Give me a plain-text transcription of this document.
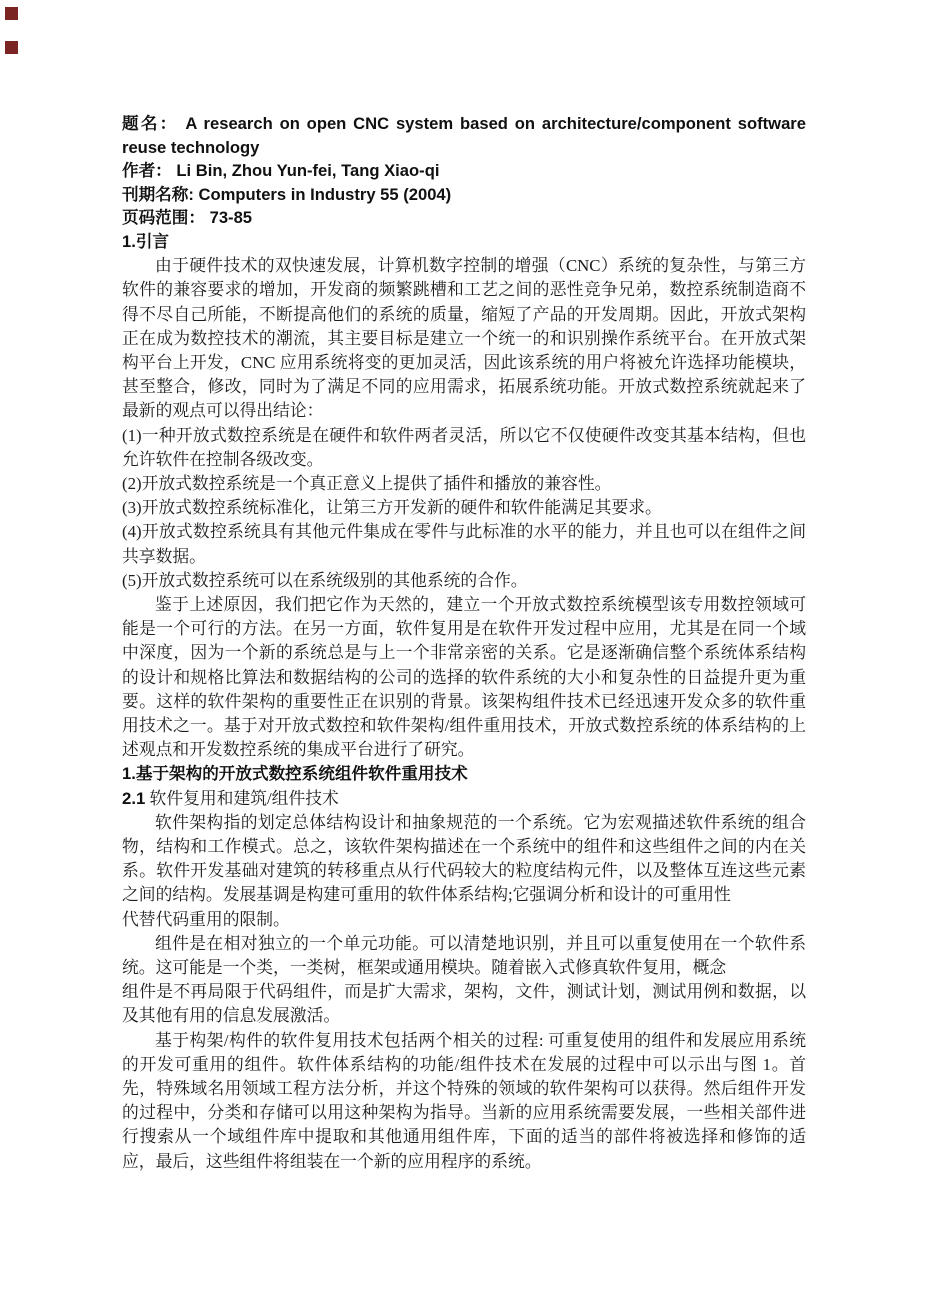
题名： A research on open CNC system based on architecture/component software reuse technology
作者： Li Bin, Zhou Yun-fei, Tang Xiao-qi
刊期名称: Computers in Industry 55 (2004)
页码范围： 73-85
1.引言
由于硬件技术的双快速发展，计算机数字控制的增强（CNC）系统的复杂性，与第三方软件的兼容要求的增加，开发商的频繁跳槽和工艺之间的恶性竞争兄弟，数控系统制造商不得不尽自己所能，不断提高他们的系统的质量，缩短了产品的开发周期。因此，开放式架构正在成为数控技术的潮流，其主要目标是建立一个统一的和识别操作系统平台。在开放式架构平台上开发，CNC 应用系统将变的更加灵活，因此该系统的用户将被允许选择功能模块，甚至整合，修改，同时为了满足不同的应用需求，拓展系统功能。开放式数控系统就起来了最新的观点可以得出结论：
(1)一种开放式数控系统是在硬件和软件两者灵活，所以它不仅使硬件改变其基本结构，但也允许软件在控制各级改变。
(2)开放式数控系统是一个真正意义上提供了插件和播放的兼容性。
(3)开放式数控系统标准化，让第三方开发新的硬件和软件能满足其要求。
(4)开放式数控系统具有其他元件集成在零件与此标准的水平的能力，并且也可以在组件之间共享数据。
(5)开放式数控系统可以在系统级别的其他系统的合作。
鉴于上述原因，我们把它作为天然的，建立一个开放式数控系统模型该专用数控领域可能是一个可行的方法。在另一方面，软件复用是在软件开发过程中应用，尤其是在同一个域中深度，因为一个新的系统总是与上一个非常亲密的关系。它是逐渐确信整个系统体系结构的设计和规格比算法和数据结构的公司的选择的软件系统的大小和复杂性的日益提升更为重要。这样的软件架构的重要性正在识别的背景。该架构组件技术已经迅速开发众多的软件重用技术之一。基于对开放式数控和软件架构/组件重用技术，开放式数控系统的体系结构的上述观点和开发数控系统的集成平台进行了研究。
1.基于架构的开放式数控系统组件软件重用技术
2.1 软件复用和建筑/组件技术
软件架构指的划定总体结构设计和抽象规范的一个系统。它为宏观描述软件系统的组合物，结构和工作模式。总之，该软件架构描述在一个系统中的组件和这些组件之间的内在关系。软件开发基础对建筑的转移重点从行代码较大的粒度结构元件，以及整体互连这些元素之间的结构。发展基调是构建可重用的软件体系结构;它强调分析和设计的可重用性
代替代码重用的限制。
组件是在相对独立的一个单元功能。可以清楚地识别，并且可以重复使用在一个软件系统。这可能是一个类，一类树，框架或通用模块。随着嵌入式修真软件复用，概念
组件是不再局限于代码组件，而是扩大需求，架构，文件，测试计划，测试用例和数据，以及其他有用的信息发展激活。
基于构架/构件的软件复用技术包括两个相关的过程: 可重复使用的组件和发展应用系统的开发可重用的组件。软件体系结构的功能/组件技术在发展的过程中可以示出与图 1。首先，特殊域名用领域工程方法分析，并这个特殊的领域的软件架构可以获得。然后组件开发的过程中，分类和存储可以用这种架构为指导。当新的应用系统需要发展，一些相关部件进行搜索从一个域组件库中提取和其他通用组件库，下面的适当的部件将被选择和修饰的适应，最后，这些组件将组装在一个新的应用程序的系统。
